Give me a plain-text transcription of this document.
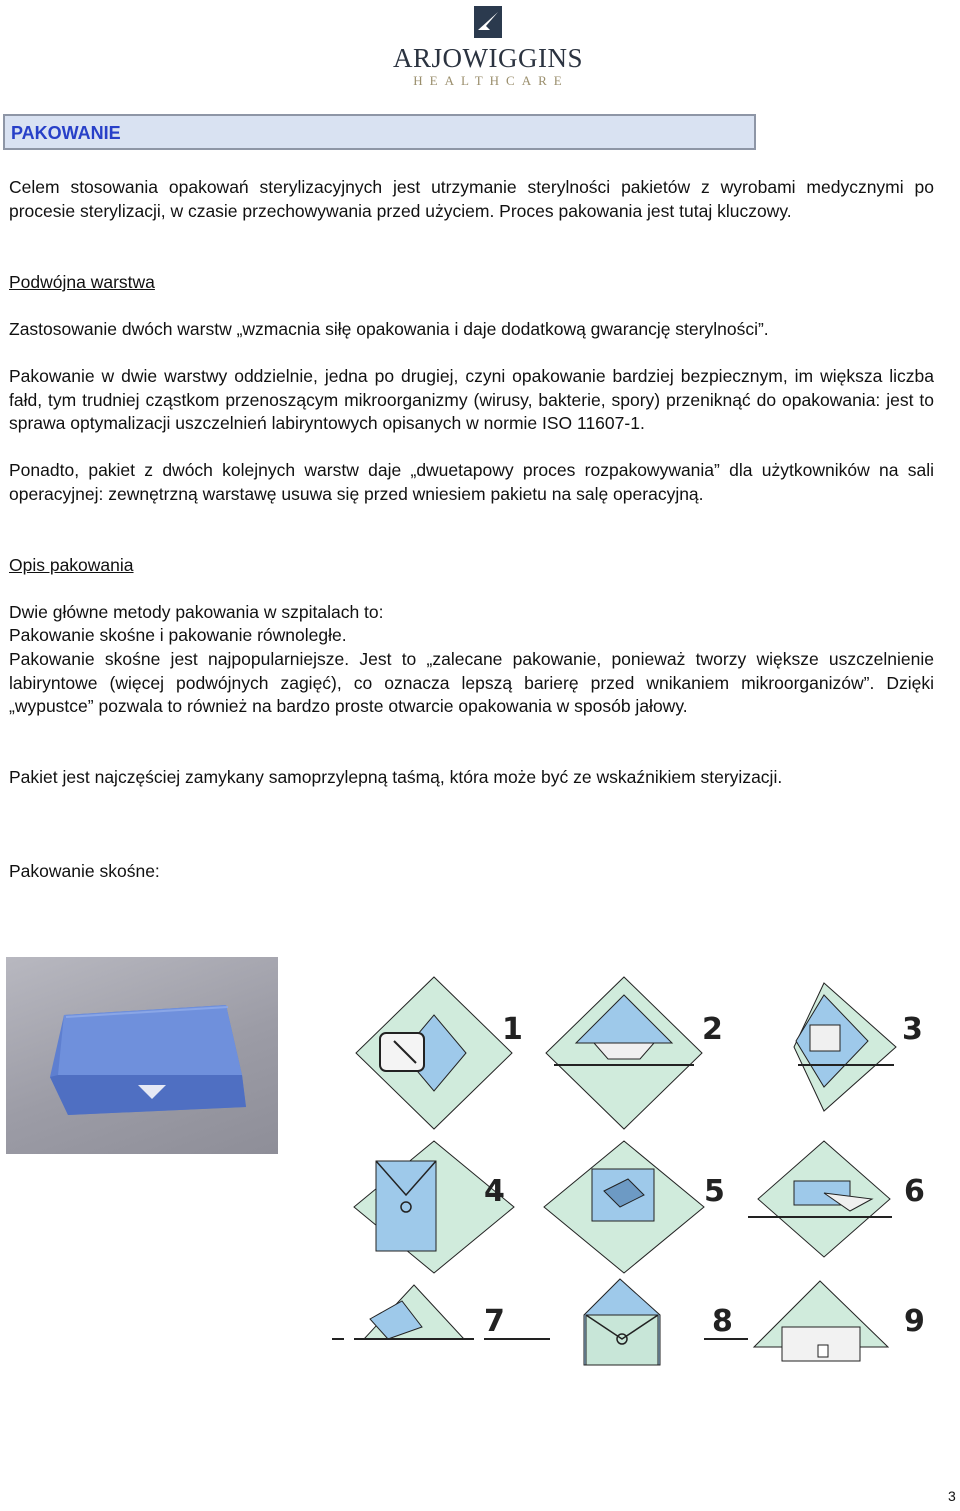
ARJOWIGGINS
HEALTHCARE
PAKOWANIE

Celem stosowania opakowań sterylizacyjnych jest utrzymanie sterylności pakietów z wyrobami medycznymi po procesie sterylizacji, w czasie przechowywania przed użyciem. Proces pakowania jest tutaj kluczowy.

Podwójna warstwa

Zastosowanie dwóch warstw „wzmacnia siłę opakowania i daje dodatkową gwarancję sterylności”.

Pakowanie w dwie warstwy oddzielnie, jedna po drugiej, czyni opakowanie bardziej bezpiecznym, im większa liczba fałd, tym trudniej cząstkom przenoszącym mikroorganizmy (wirusy, bakterie, spory) przeniknąć do opakowania: jest to sprawa optymalizacji uszczelnień labiryntowych opisanych w normie ISO 11607-1.

Ponadto, pakiet z dwóch kolejnych warstw daje „dwuetapowy proces rozpakowywania” dla użytkowników na sali operacyjnej: zewnętrzną warstawę usuwa się przed wniesiem pakietu na salę operacyjną.

Opis pakowania

Dwie główne metody pakowania w szpitalach to:

Pakowanie skośne i pakowanie równoległe.

Pakowanie skośne jest najpopularniejsze. Jest to „zalecane pakowanie, ponieważ tworzy większe uszczelnienie labiryntowe (więcej podwójnych zagięć), co oznacza lepszą barierę przed wnikaniem mikroorganizów”. Dzięki „wypustce” pozwala to również na bardzo proste otwarcie opakowania w sposób jałowy.

Pakiet jest najczęściej zamykany samoprzylepną taśmą, która może być ze wskaźnikiem steryizacji.

Pakowanie skośne:

1	2	3
4	5	6
7	8	9
3
